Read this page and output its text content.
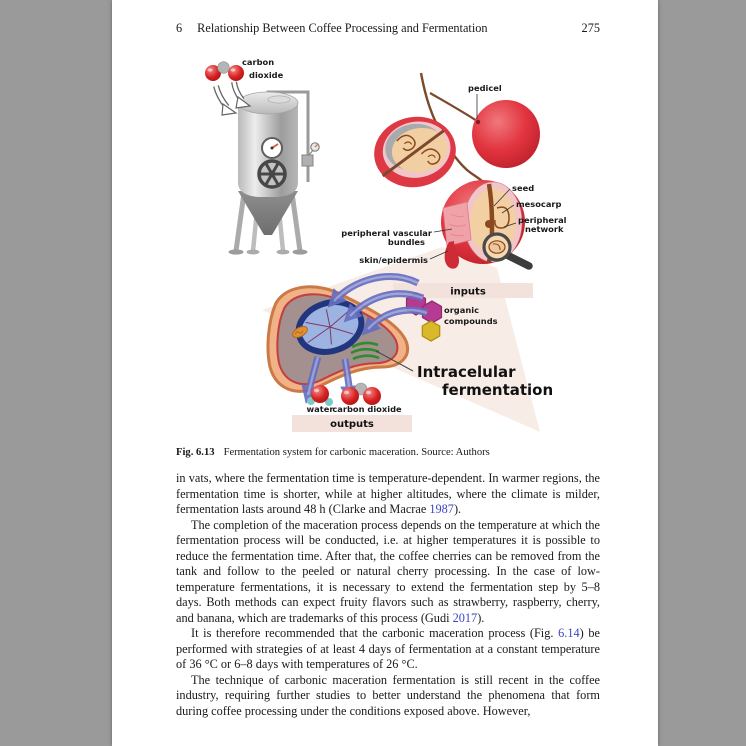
6 Relationship Between Coffee Processing and Fermentation	275
carbon
dioxide
pedicel
seed
mesocarp
peripheral
network
peripheral vascular
bundles
skin/epidermis
inputs
organic
compounds
Intracelular
fermentation
water
carbon dioxide
outputs
Fig. 6.13 Fermentation system for carbonic maceration. Source: Authors

in vats, where the fermentation time is temperature-dependent. In warmer regions, the fermentation time is shorter, while at higher altitudes, where the climate is milder, fermentation lasts around 48 h (Clarke and Macrae 1987).

The completion of the maceration process depends on the temperature at which the fermentation process will be conducted, i.e. at higher temperatures it is possible to reduce the fermentation time. After that, the coffee cherries can be removed from the tank and follow to the peeled or natural cherry processing. In the case of low-temperature fermentations, it is necessary to extend the fermentation step by 5–8 days. Both methods can expect fruity flavors such as strawberry, raspberry, cherry, and banana, which are trademarks of this process (Gudi 2017).

It is therefore recommended that the carbonic maceration process (Fig. 6.14) be performed with strategies of at least 4 days of fermentation at a constant temperature of 36 °C or 6–8 days with temperatures of 26 °C.

The technique of carbonic maceration fermentation is still recent in the coffee industry, requiring further studies to better understand the phenomena that form during coffee processing under the conditions exposed above. However,
